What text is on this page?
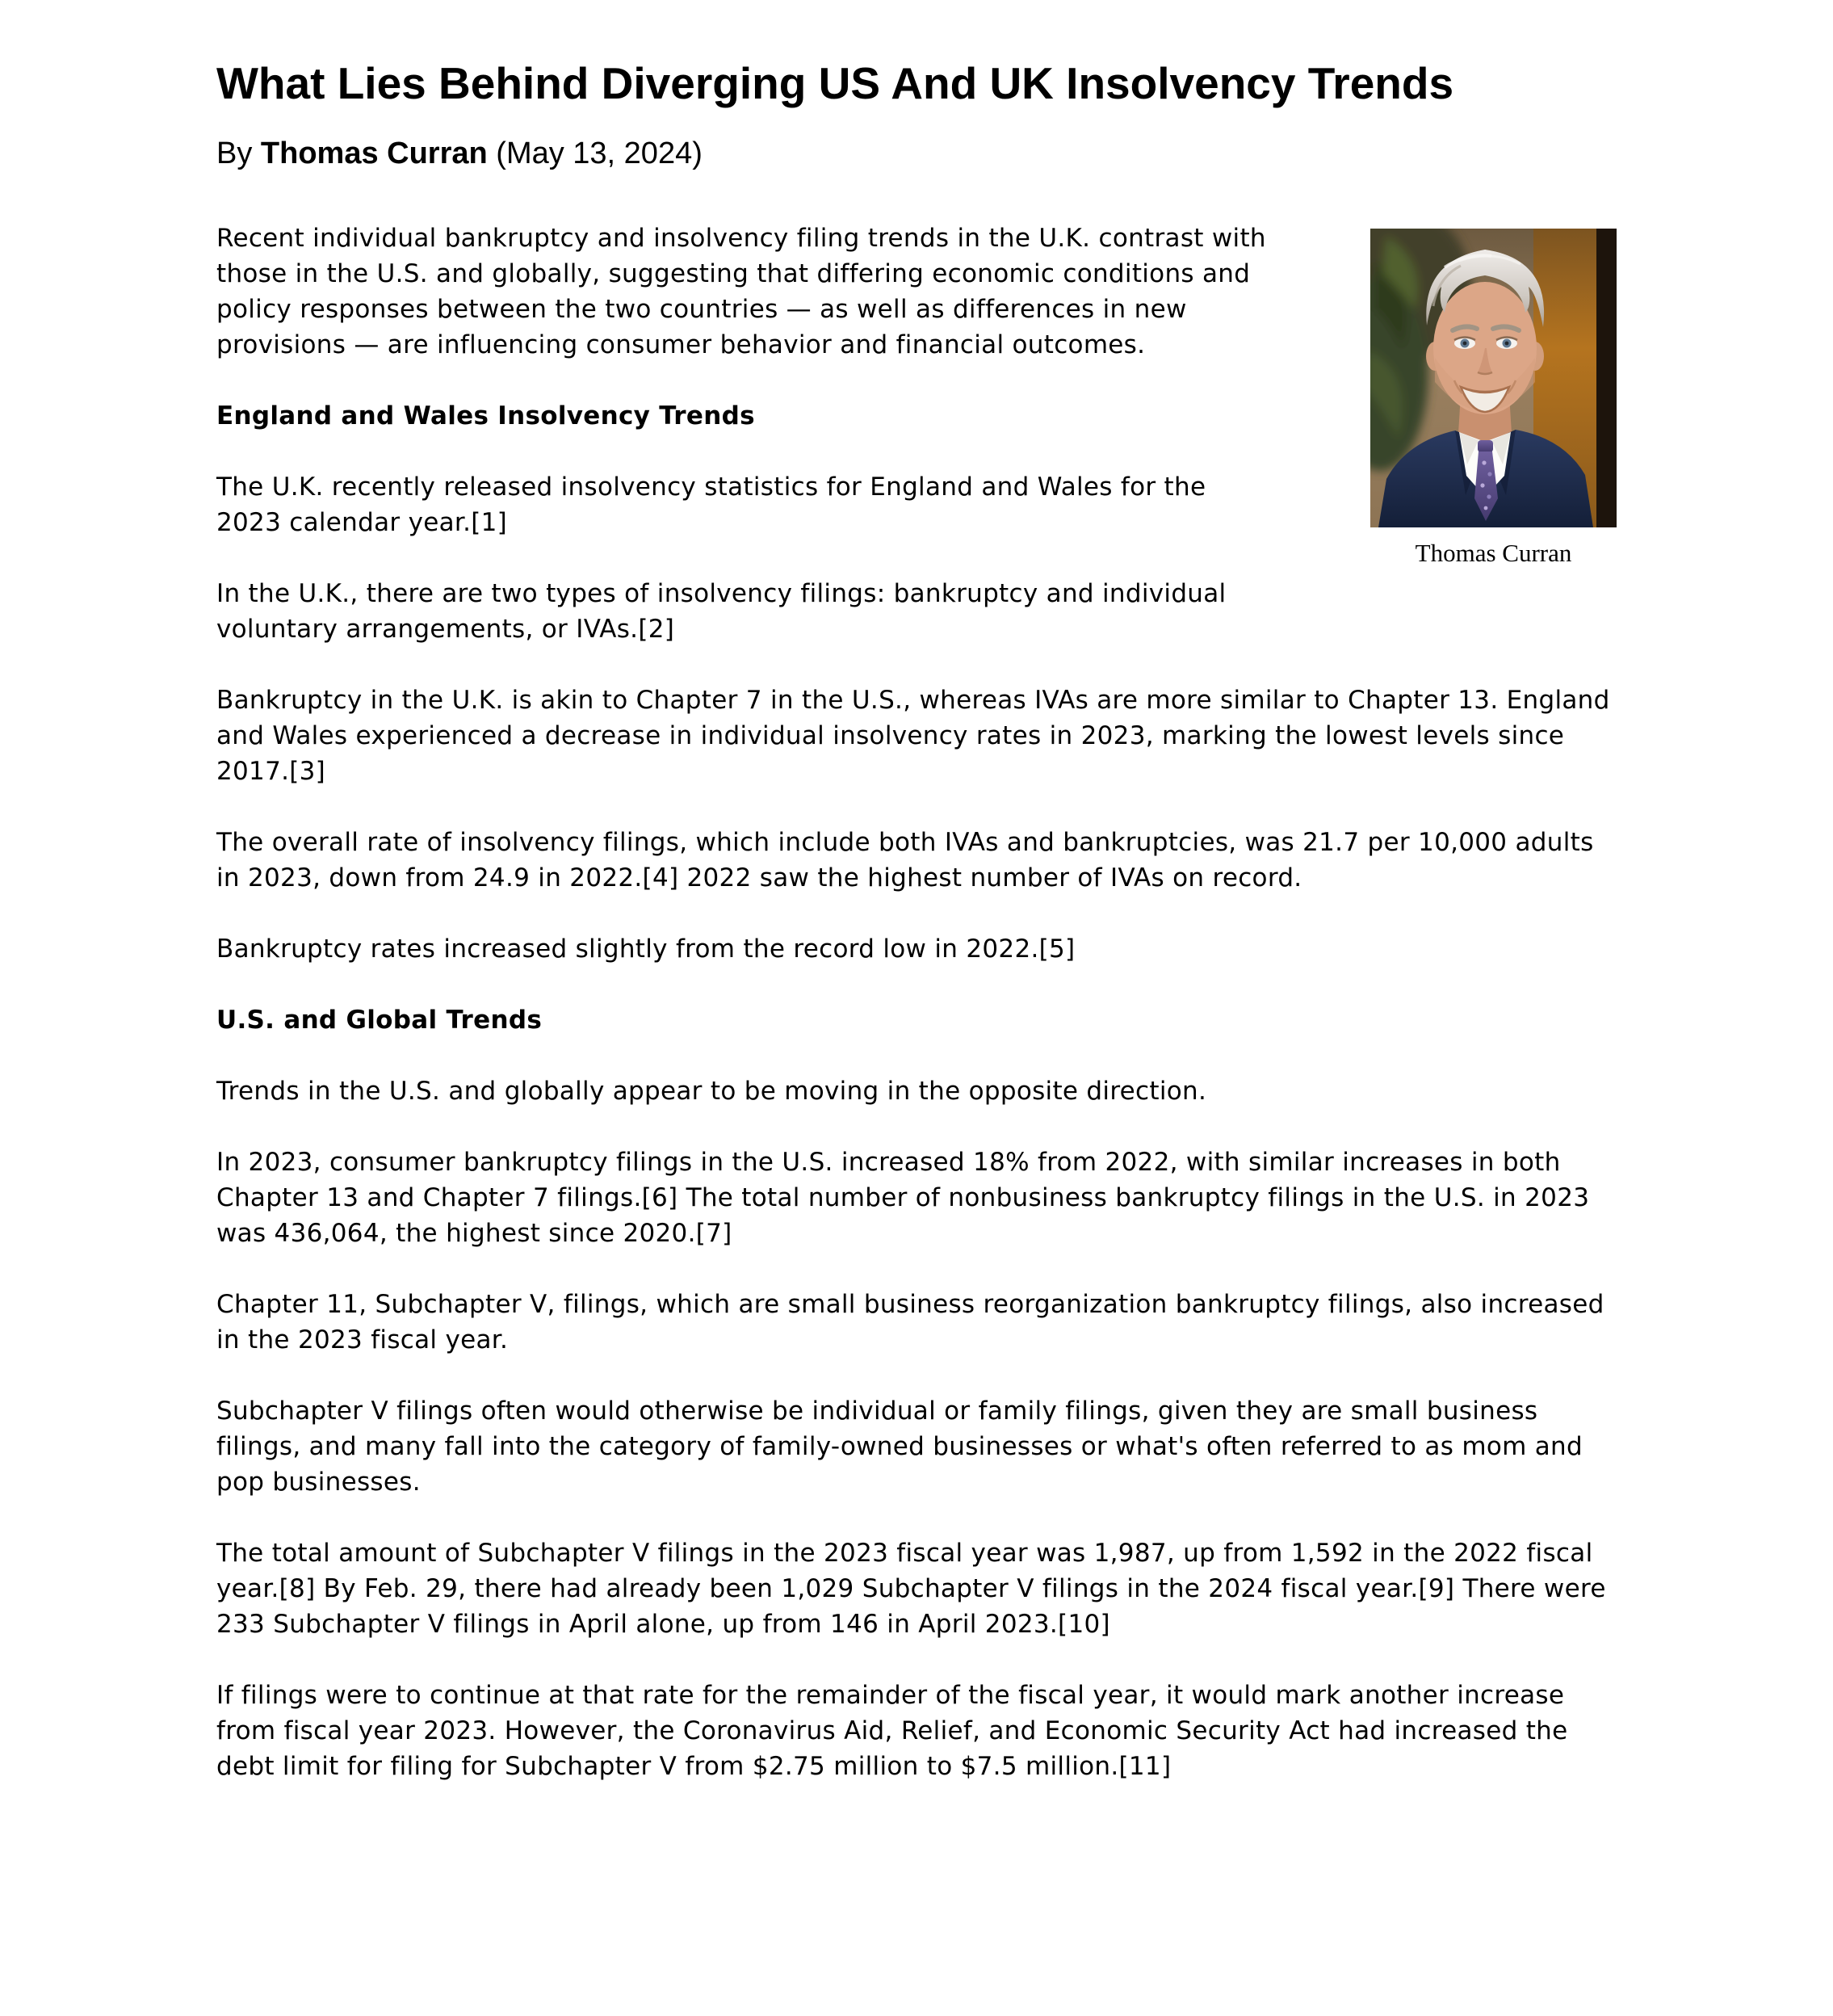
What Lies Behind Diverging US And UK Insolvency Trends

By Thomas Curran (May 13, 2024)

Thomas Curran

Recent individual bankruptcy and insolvency filing trends in the U.K. contrast with those in the U.S. and globally, suggesting that differing economic conditions and policy responses between the two countries — as well as differences in new provisions — are influencing consumer behavior and financial outcomes.

England and Wales Insolvency Trends

The U.K. recently released insolvency statistics for England and Wales for the 2023 calendar year.[1]

In the U.K., there are two types of insolvency filings: bankruptcy and individual voluntary arrangements, or IVAs.[2]

Bankruptcy in the U.K. is akin to Chapter 7 in the U.S., whereas IVAs are more similar to Chapter 13. England and Wales experienced a decrease in individual insolvency rates in 2023, marking the lowest levels since 2017.[3]

The overall rate of insolvency filings, which include both IVAs and bankruptcies, was 21.7 per 10,000 adults in 2023, down from 24.9 in 2022.[4] 2022 saw the highest number of IVAs on record.

Bankruptcy rates increased slightly from the record low in 2022.[5]

U.S. and Global Trends

Trends in the U.S. and globally appear to be moving in the opposite direction.

In 2023, consumer bankruptcy filings in the U.S. increased 18% from 2022, with similar increases in both Chapter 13 and Chapter 7 filings.[6] The total number of nonbusiness bankruptcy filings in the U.S. in 2023 was 436,064, the highest since 2020.[7]

Chapter 11, Subchapter V, filings, which are small business reorganization bankruptcy filings, also increased in the 2023 fiscal year.

Subchapter V filings often would otherwise be individual or family filings, given they are small business filings, and many fall into the category of family-owned businesses or what's often referred to as mom and pop businesses.

The total amount of Subchapter V filings in the 2023 fiscal year was 1,987, up from 1,592 in the 2022 fiscal year.[8] By Feb. 29, there had already been 1,029 Subchapter V filings in the 2024 fiscal year.[9] There were 233 Subchapter V filings in April alone, up from 146 in April 2023.[10]

If filings were to continue at that rate for the remainder of the fiscal year, it would mark another increase from fiscal year 2023. However, the Coronavirus Aid, Relief, and Economic Security Act had increased the debt limit for filing for Subchapter V from $2.75 million to $7.5 million.[11]
